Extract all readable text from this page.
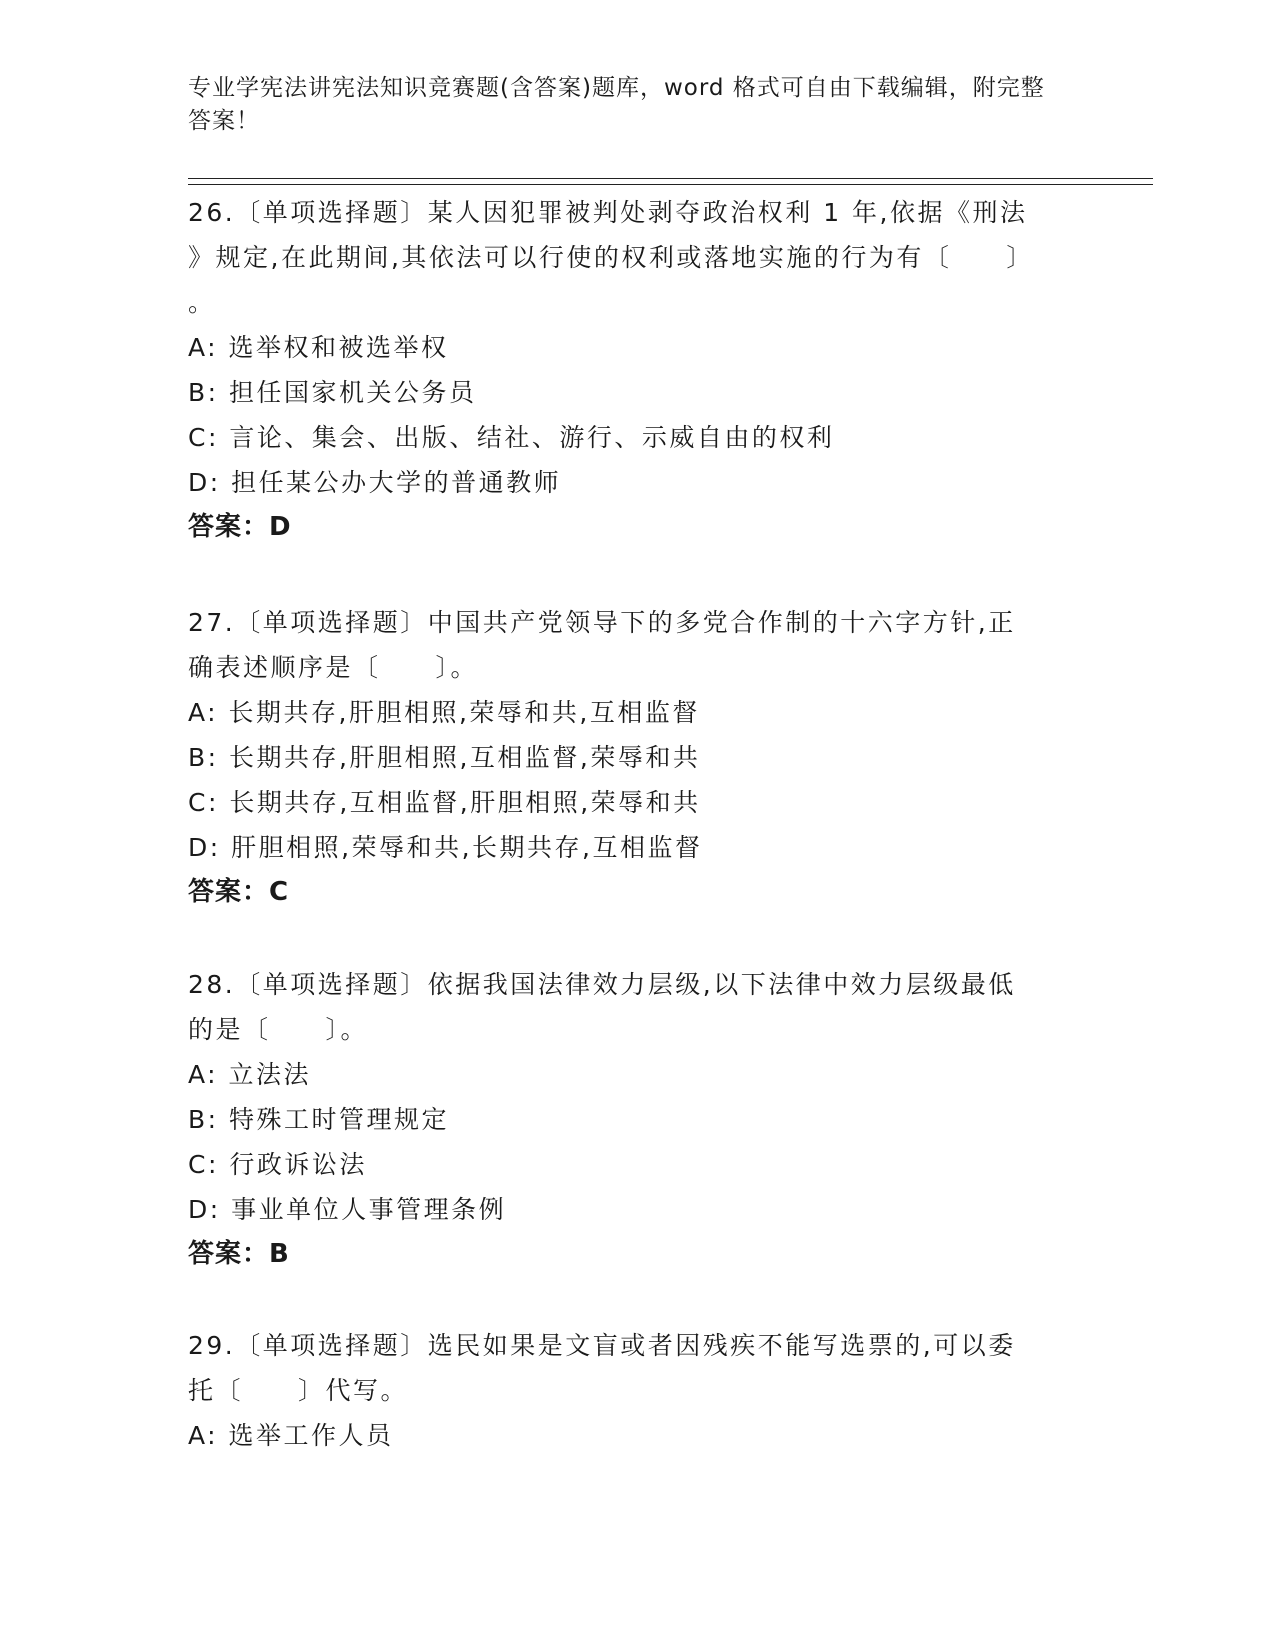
专业学宪法讲宪法知识竞赛题(含答案)题库，word 格式可自由下载编辑，附完整
答案！

26.〔单项选择题〕某人因犯罪被判处剥夺政治权利 1 年,依据《刑法

》规定,在此期间,其依法可以行使的权利或落地实施的行为有〔　　〕

。

A: 选举权和被选举权

B: 担任国家机关公务员

C: 言论、集会、出版、结社、游行、示威自由的权利

D: 担任某公办大学的普通教师

答案：D

27.〔单项选择题〕中国共产党领导下的多党合作制的十六字方针,正

确表述顺序是〔　　〕。

A: 长期共存,肝胆相照,荣辱和共,互相监督

B: 长期共存,肝胆相照,互相监督,荣辱和共

C: 长期共存,互相监督,肝胆相照,荣辱和共

D: 肝胆相照,荣辱和共,长期共存,互相监督

答案：C

28.〔单项选择题〕依据我国法律效力层级,以下法律中效力层级最低

的是〔　　〕。

A: 立法法

B: 特殊工时管理规定

C: 行政诉讼法

D: 事业单位人事管理条例

答案：B

29.〔单项选择题〕选民如果是文盲或者因残疾不能写选票的,可以委

托〔　　〕代写。

A: 选举工作人员
